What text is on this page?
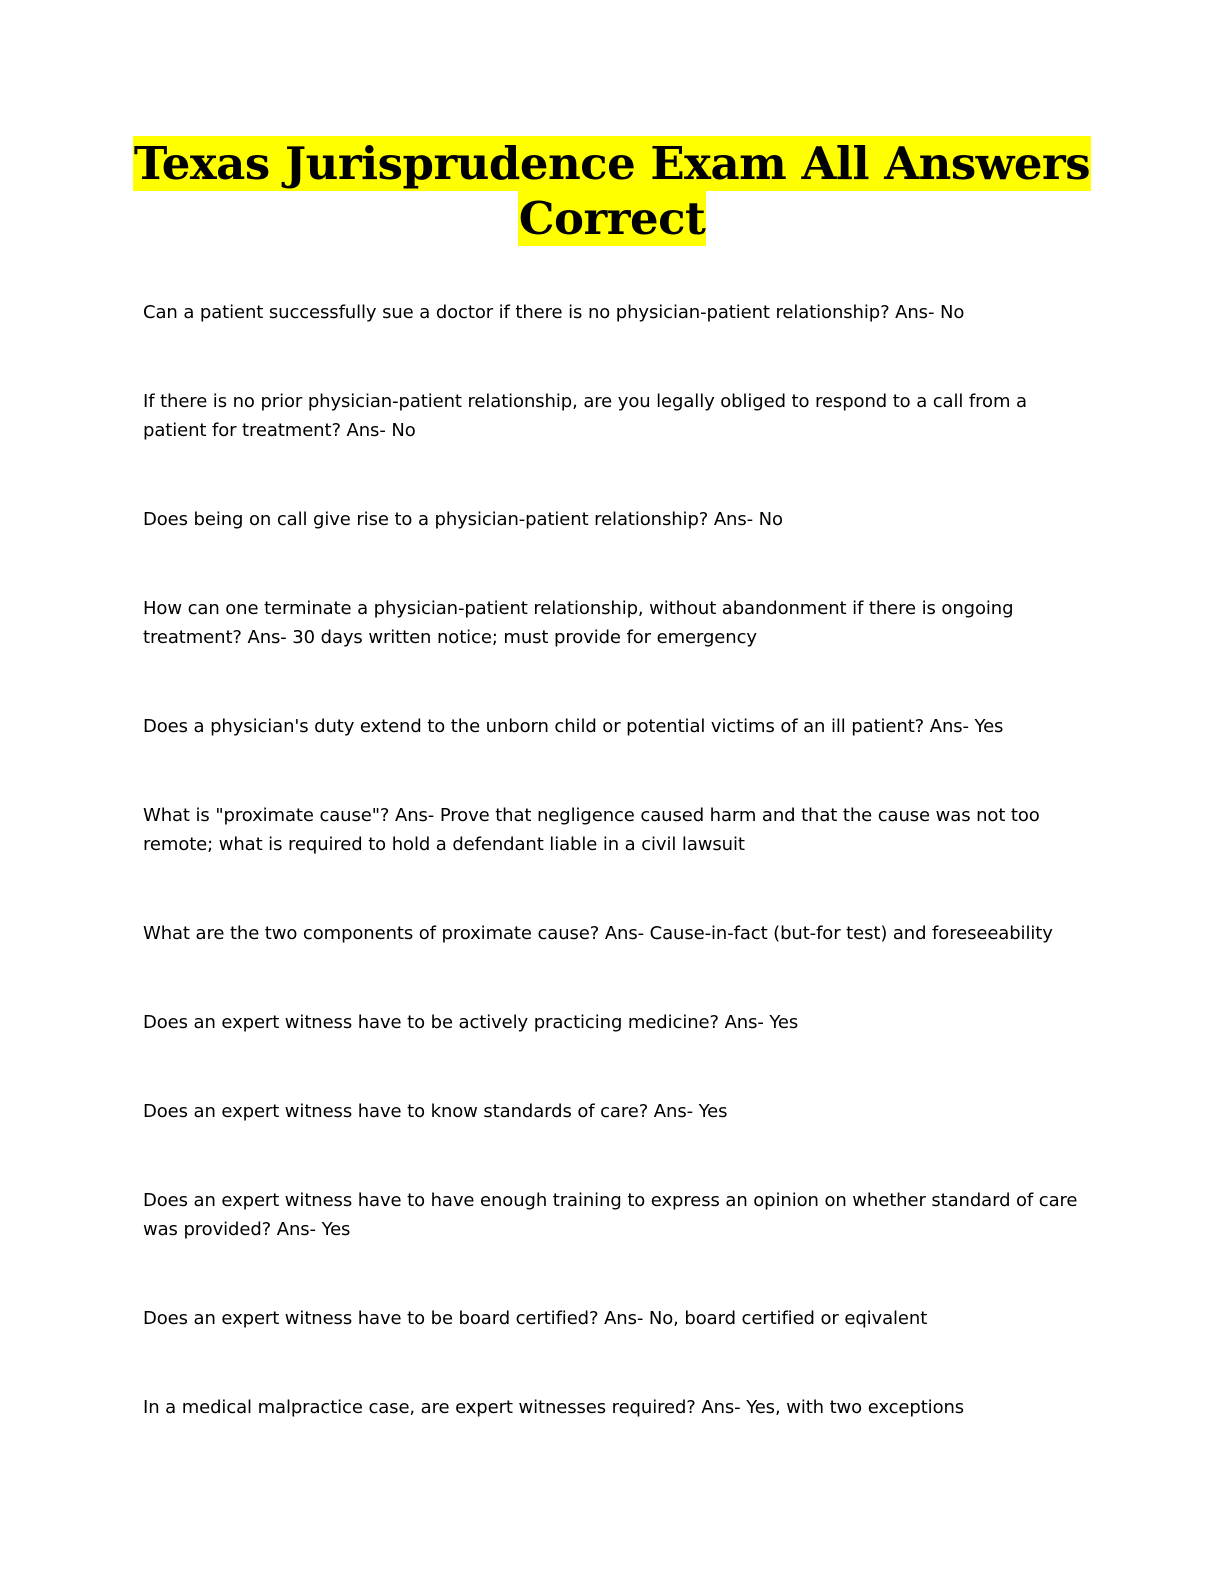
Texas Jurisprudence Exam All Answers
Correct

Can a patient successfully sue a doctor if there is no physician-patient relationship? Ans- No

If there is no prior physician-patient relationship, are you legally obliged to respond to a call from a patient for treatment? Ans- No

Does being on call give rise to a physician-patient relationship? Ans- No

How can one terminate a physician-patient relationship, without abandonment if there is ongoing treatment? Ans- 30 days written notice; must provide for emergency

Does a physician's duty extend to the unborn child or potential victims of an ill patient? Ans- Yes

What is "proximate cause"? Ans- Prove that negligence caused harm and that the cause was not too remote; what is required to hold a defendant liable in a civil lawsuit

What are the two components of proximate cause? Ans- Cause-in-fact (but-for test) and foreseeability

Does an expert witness have to be actively practicing medicine? Ans- Yes

Does an expert witness have to know standards of care? Ans- Yes

Does an expert witness have to have enough training to express an opinion on whether standard of care was provided? Ans- Yes

Does an expert witness have to be board certified? Ans- No, board certified or eqivalent

In a medical malpractice case, are expert witnesses required? Ans- Yes, with two exceptions
